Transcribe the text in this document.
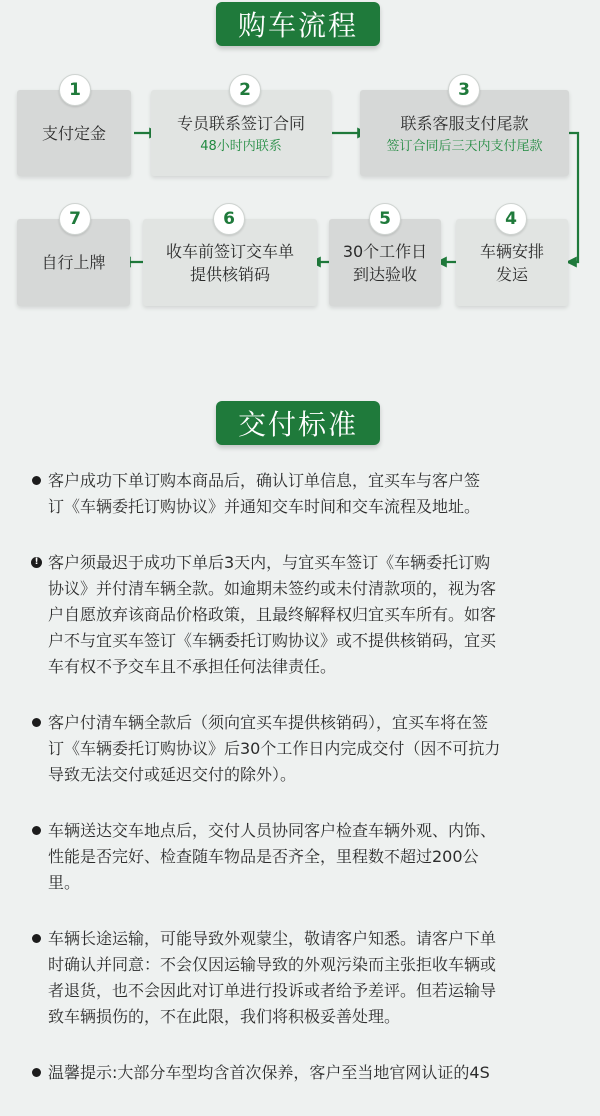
购车流程
支付定金
1
专员联系签订合同
48小时内联系
2
联系客服支付尾款
签订合同后三天内支付尾款
3
车辆安排
发运
4
30个工作日
到达验收
5
收车前签订交车单
提供核销码
6
自行上牌
7
交付标准
客户成功下单订购本商品后，确认订单信息，宜买车与客户签
订《车辆委托订购协议》并通知交车时间和交车流程及地址。
! 客户须最迟于成功下单后3天内，与宜买车签订《车辆委托订购
协议》并付清车辆全款。如逾期未签约或未付清款项的，视为客
户自愿放弃该商品价格政策，且最终解释权归宜买车所有。如客
户不与宜买车签订《车辆委托订购协议》或不提供核销码，宜买
车有权不予交车且不承担任何法律责任。
客户付清车辆全款后（须向宜买车提供核销码），宜买车将在签
订《车辆委托订购协议》后30个工作日内完成交付（因不可抗力
导致无法交付或延迟交付的除外）。
车辆送达交车地点后，交付人员协同客户检查车辆外观、内饰、
性能是否完好、检查随车物品是否齐全，里程数不超过200公
里。
车辆长途运输，可能导致外观蒙尘，敬请客户知悉。请客户下单
时确认并同意：不会仅因运输导致的外观污染而主张拒收车辆或
者退货，也不会因此对订单进行投诉或者给予差评。但若运输导
致车辆损伤的，不在此限，我们将积极妥善处理。
温馨提示:大部分车型均含首次保养，客户至当地官网认证的4S
